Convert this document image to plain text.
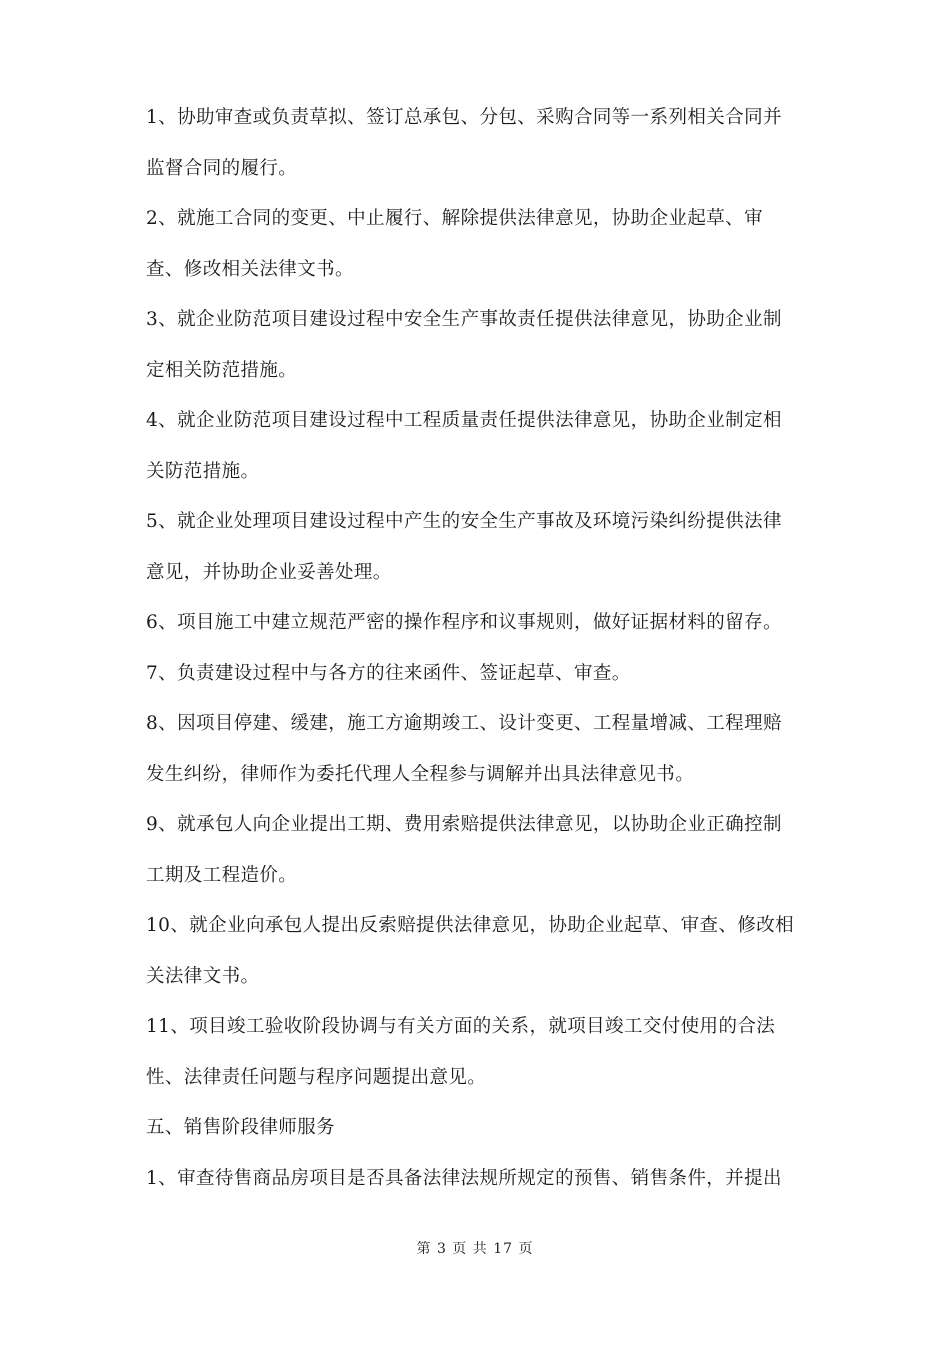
1、协助审查或负责草拟、签订总承包、分包、采购合同等一系列相关合同并
监督合同的履行。
2、就施工合同的变更、中止履行、解除提供法律意见，协助企业起草、审
查、修改相关法律文书。
3、就企业防范项目建设过程中安全生产事故责任提供法律意见，协助企业制
定相关防范措施。
4、就企业防范项目建设过程中工程质量责任提供法律意见，协助企业制定相
关防范措施。
5、就企业处理项目建设过程中产生的安全生产事故及环境污染纠纷提供法律
意见，并协助企业妥善处理。
6、项目施工中建立规范严密的操作程序和议事规则，做好证据材料的留存。
7、负责建设过程中与各方的往来函件、签证起草、审查。
8、因项目停建、缓建，施工方逾期竣工、设计变更、工程量增减、工程理赔
发生纠纷，律师作为委托代理人全程参与调解并出具法律意见书。
9、就承包人向企业提出工期、费用索赔提供法律意见，以协助企业正确控制
工期及工程造价。
10、就企业向承包人提出反索赔提供法律意见，协助企业起草、审查、修改相
关法律文书。
11、项目竣工验收阶段协调与有关方面的关系，就项目竣工交付使用的合法
性、法律责任问题与程序问题提出意见。
五、销售阶段律师服务
1、审查待售商品房项目是否具备法律法规所规定的预售、销售条件，并提出
第 3 页 共 17 页
